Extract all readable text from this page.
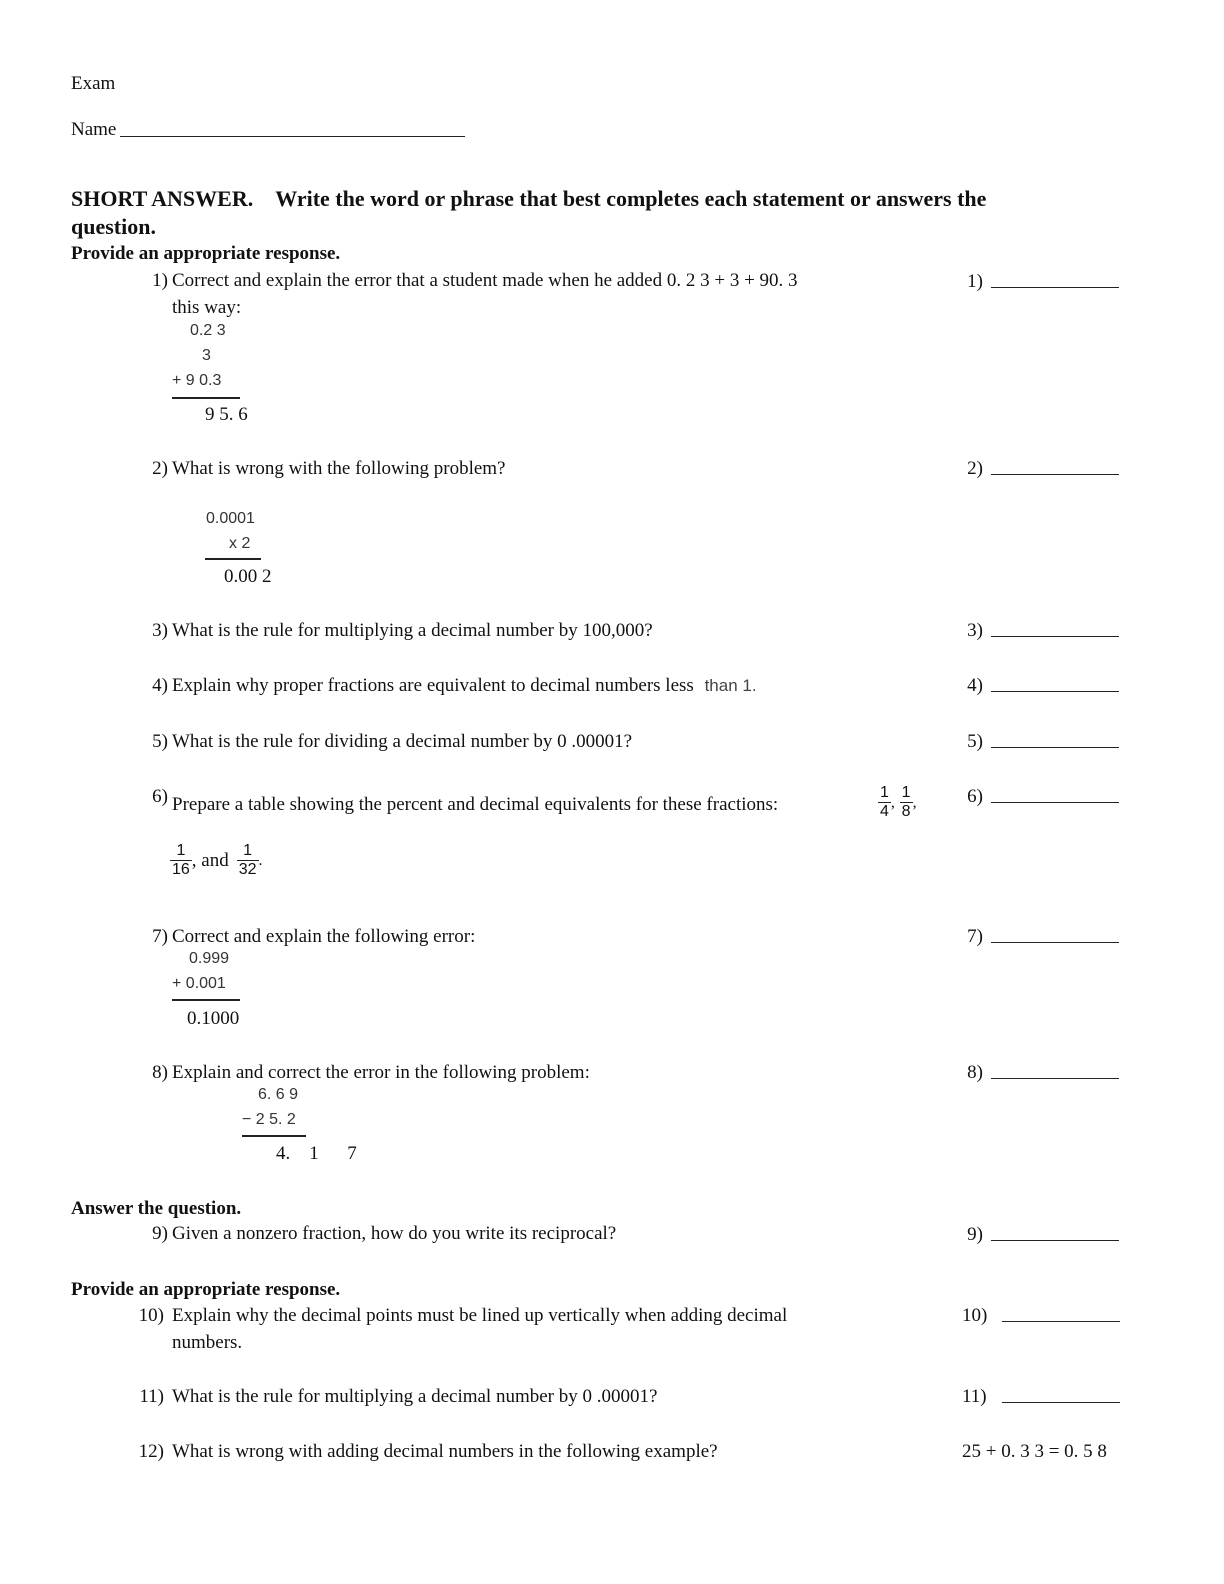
Exam
Name
SHORT ANSWER. Write the word or phrase that best completes each statement or answers the
question.
Provide an appropriate response.
1) Correct and explain the error that a student made when he added 0. 2 3 + 3 + 90. 3
this way:
1)
0.2 3
3
+ 9 0.3
9 5. 6
2) What is wrong with the following problem?	2)
0.0001
x 2
0.00 2
3) What is the rule for multiplying a decimal number by 100,000?	3)
4) Explain why proper fractions are equivalent to decimal numbers less than 1.	4)
5) What is the rule for dividing a decimal number by 0 .00001?	5)
6) Prepare a table showing the percent and decimal equivalents for these fractions:	$\frac{1}{4}$ , $\frac{1}{8}$ ,	6)
$\frac{1}{16}$ , and $\frac{1}{32}$ .
7) Correct and explain the following error:	7)
0.999
+ 0.001
0.1000
8) Explain and correct the error in the following problem:	8)
6. 6 9
− 2 5. 2
4.    1      7
Answer the question.
9) Given a nonzero fraction, how do you write its reciprocal?	9)
Provide an appropriate response.
10) Explain why the decimal points must be lined up vertically when adding decimal
numbers.
10)
11) What is the rule for multiplying a decimal number by 0 .00001?	11)
12) What is wrong with adding decimal numbers in the following example?	25 + 0. 3 3 = 0. 5 8
